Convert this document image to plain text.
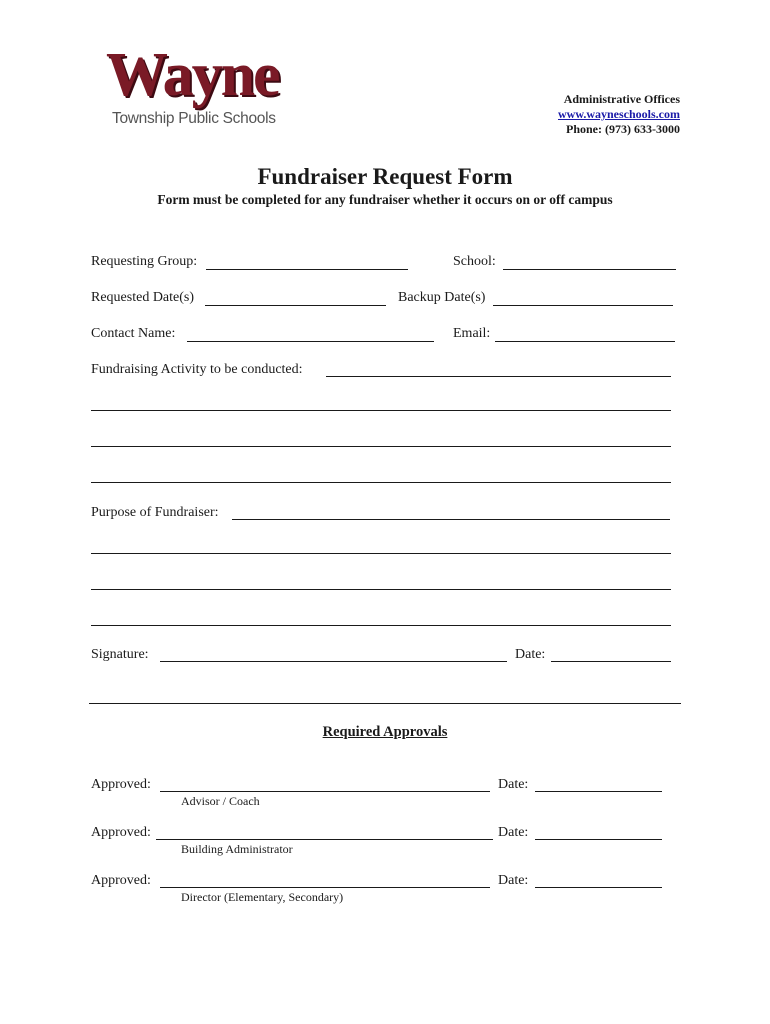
Wayne
Township Public Schools
Administrative Offices
www.wayneschools.com
Phone: (973) 633-3000
Fundraiser Request Form
Form must be completed for any fundraiser whether it occurs on or off campus
Requesting Group:	School:
Requested Date(s)	Backup Date(s)
Contact Name:	Email:
Fundraising Activity to be conducted:
Purpose of Fundraiser:
Signature:	Date:
Required Approvals
Approved:	Date:
Advisor / Coach
Approved:	Date:
Building Administrator
Approved:	Date:
Director (Elementary, Secondary)
